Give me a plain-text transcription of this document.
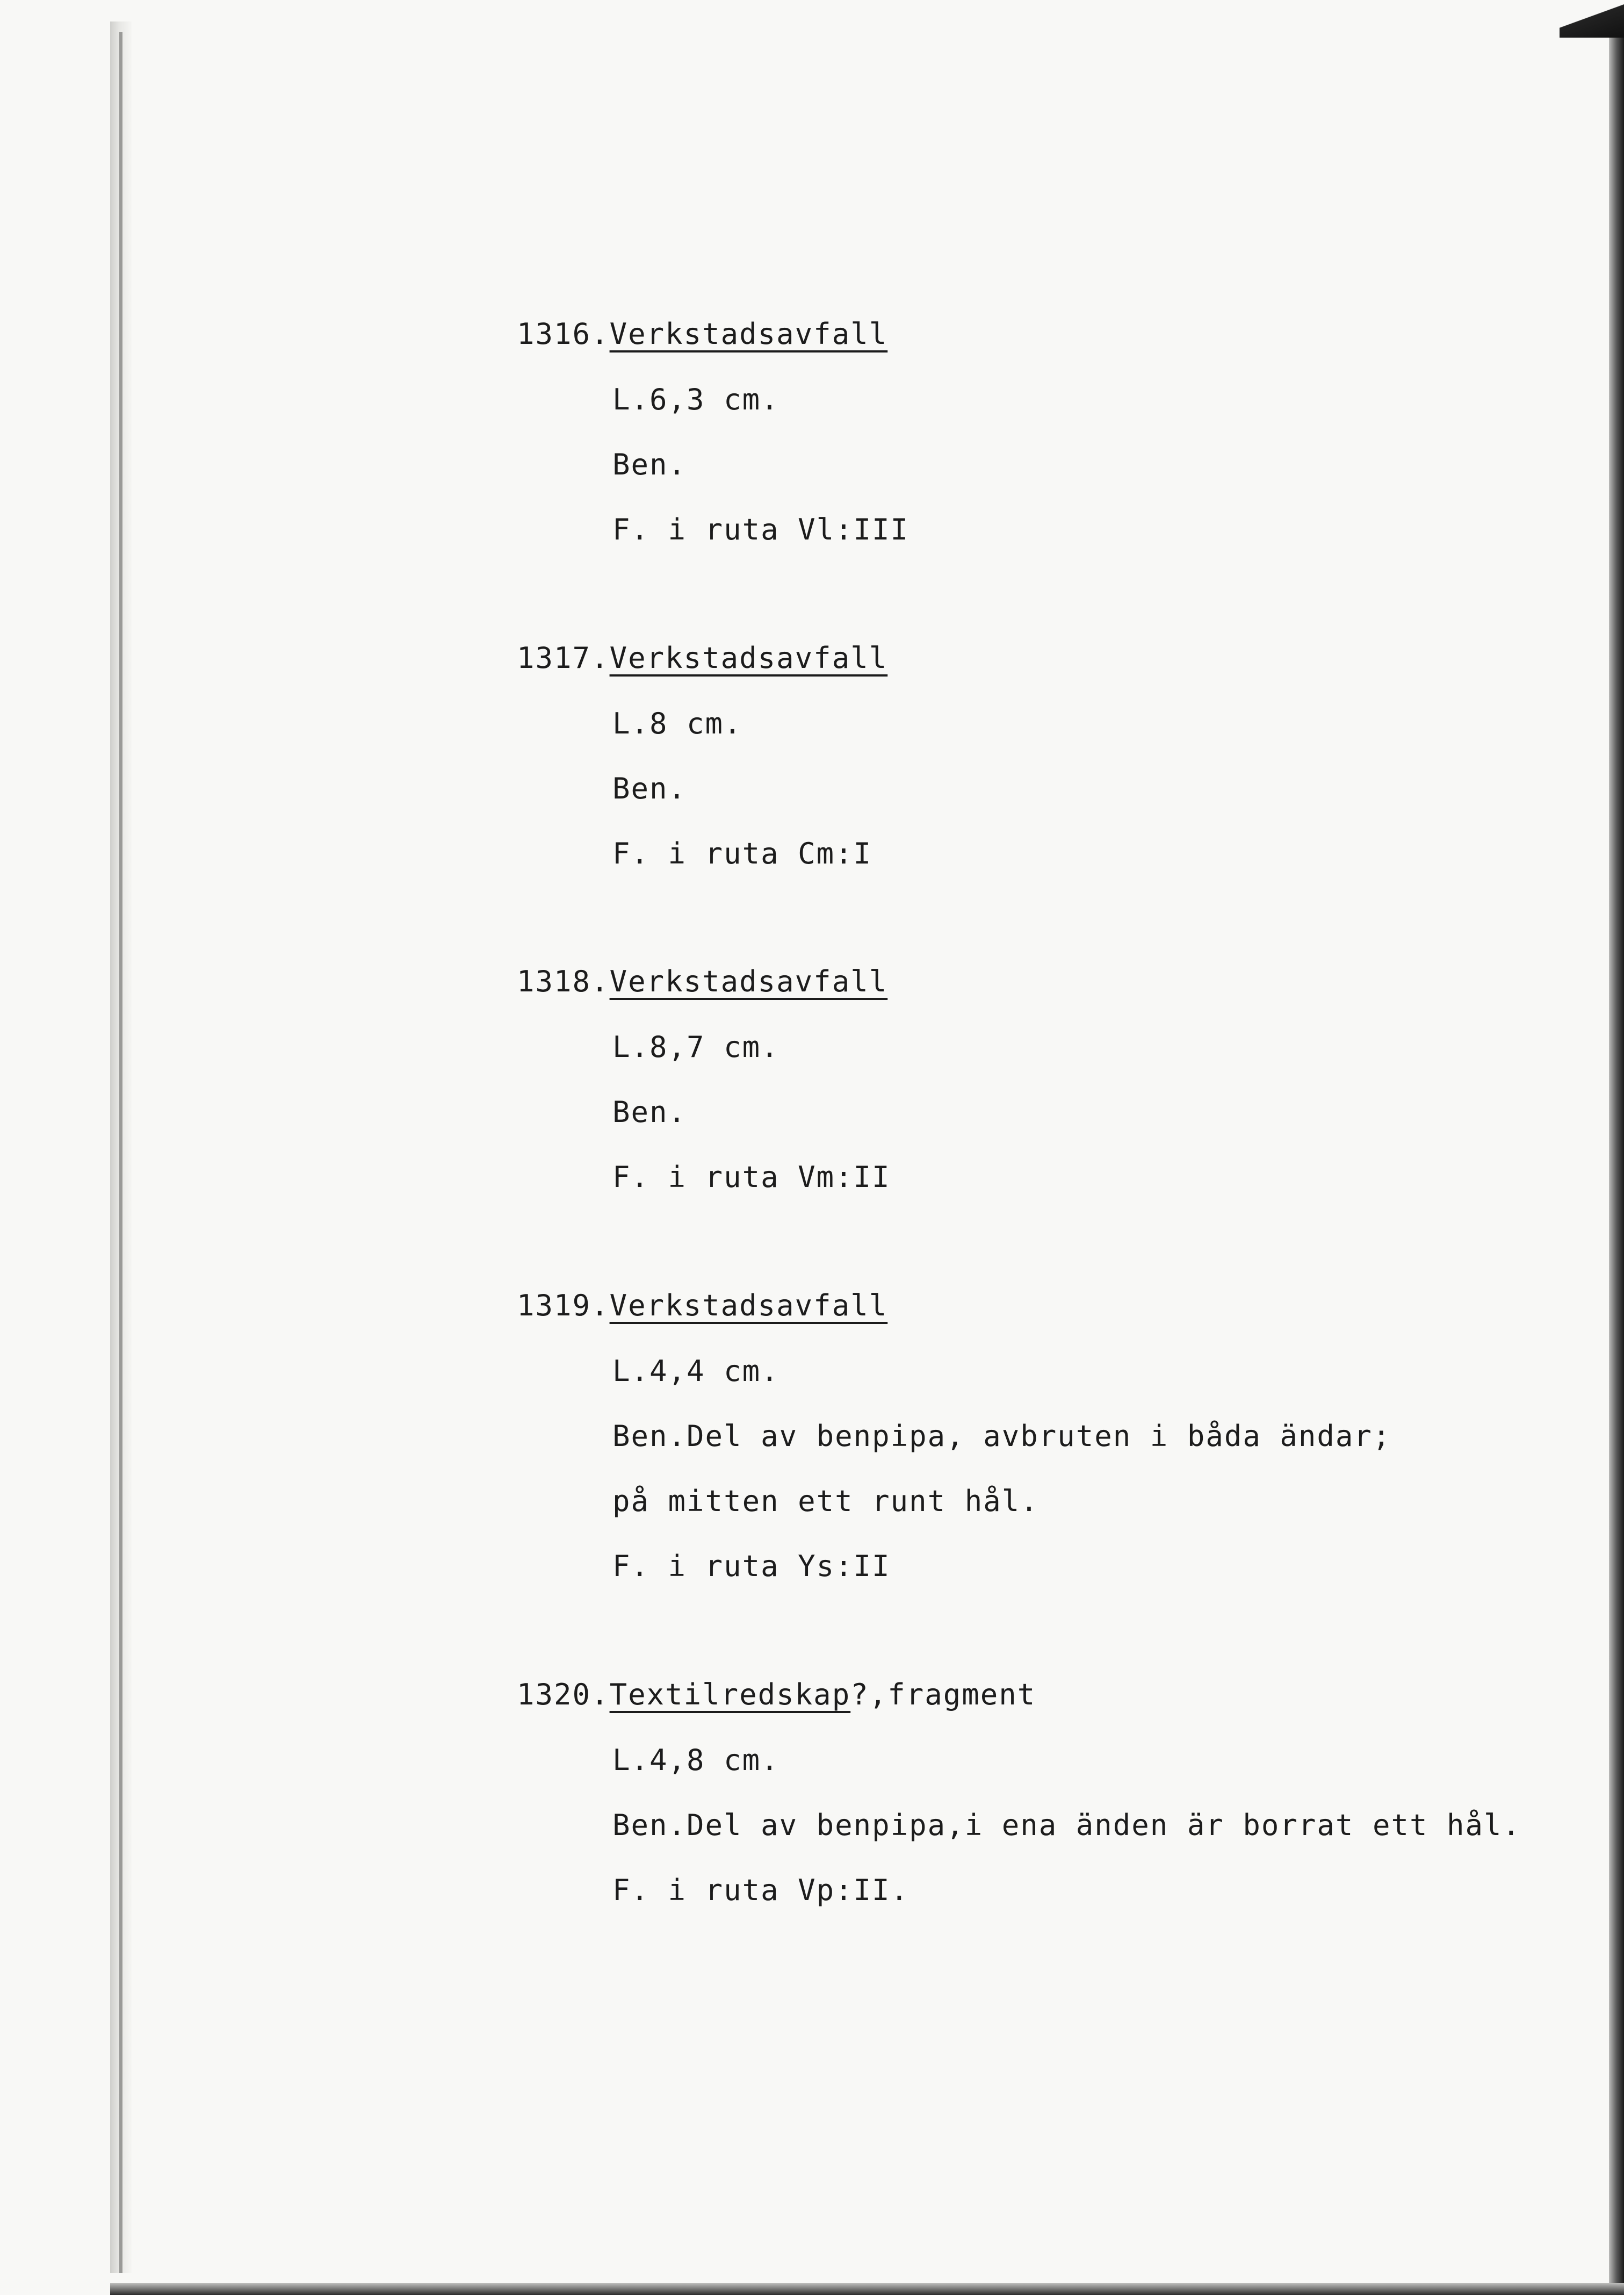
1316.Verkstadsavfall
L.6,3 cm.
Ben.
F. i ruta Vl:III
1317.Verkstadsavfall
L.8 cm.
Ben.
F. i ruta Cm:I
1318.Verkstadsavfall
L.8,7 cm.
Ben.
F. i ruta Vm:II
1319.Verkstadsavfall
L.4,4 cm.
Ben.Del av benpipa, avbruten i båda ändar;
på mitten ett runt hål.
F. i ruta Ys:II
1320.Textilredskap?,fragment
L.4,8 cm.
Ben.Del av benpipa,i ena änden är borrat ett hål.
F. i ruta Vp:II.
